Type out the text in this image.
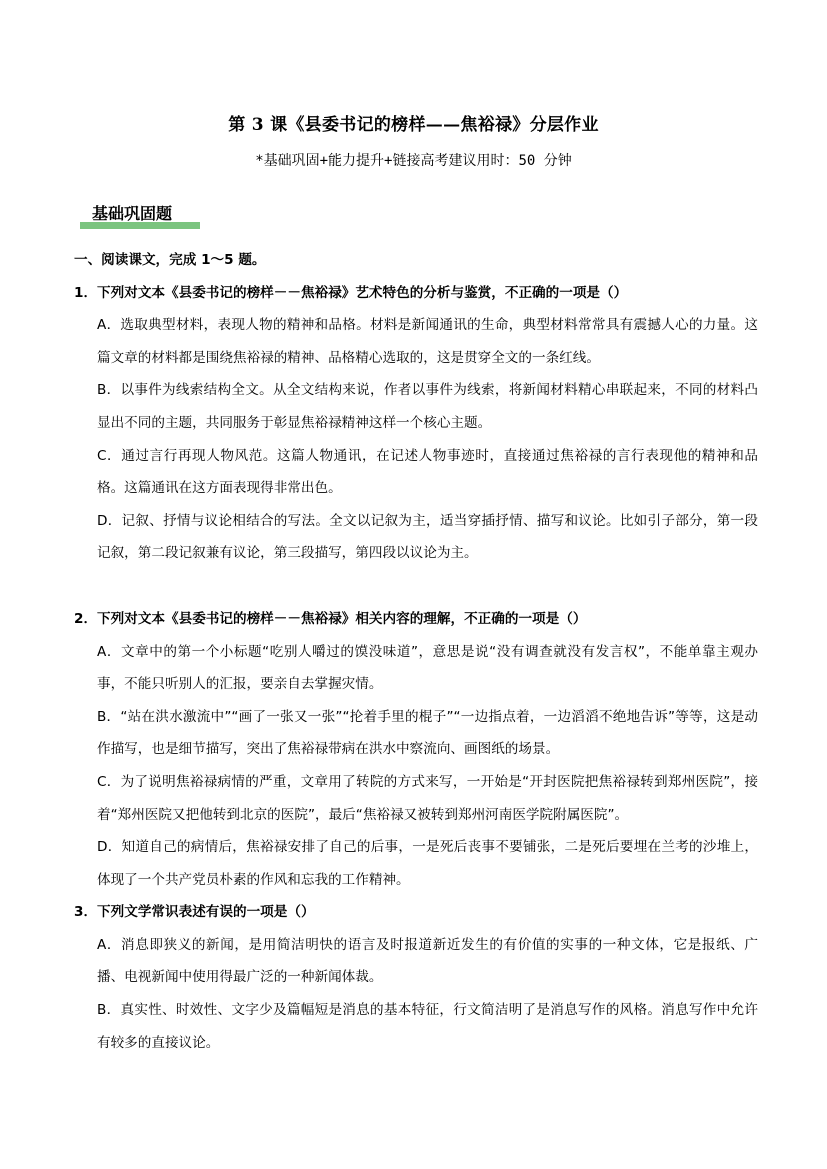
第 3 课《县委书记的榜样——焦裕禄》分层作业
*基础巩固+能力提升+链接高考建议用时：50 分钟
基础巩固题
一、阅读课文，完成 1～5 题。
1．下列对文本《县委书记的榜样－－焦裕禄》艺术特色的分析与鉴赏，不正确的一项是（）
A．选取典型材料，表现人物的精神和品格。材料是新闻通讯的生命，典型材料常常具有震撼人心的力量。这篇文章的材料都是围绕焦裕禄的精神、品格精心选取的，这是贯穿全文的一条红线。
B．以事件为线索结构全文。从全文结构来说，作者以事件为线索，将新闻材料精心串联起来，不同的材料凸显出不同的主题，共同服务于彰显焦裕禄精神这样一个核心主题。
C．通过言行再现人物风范。这篇人物通讯，在记述人物事迹时，直接通过焦裕禄的言行表现他的精神和品格。这篇通讯在这方面表现得非常出色。
D．记叙、抒情与议论相结合的写法。全文以记叙为主，适当穿插抒情、描写和议论。比如引子部分，第一段记叙，第二段记叙兼有议论，第三段描写，第四段以议论为主。
2．下列对文本《县委书记的榜样－－焦裕禄》相关内容的理解，不正确的一项是（）
A．文章中的第一个小标题“吃别人嚼过的馍没味道”，意思是说“没有调查就没有发言权”，不能单靠主观办事，不能只听别人的汇报，要亲自去掌握灾情。
B．“站在洪水激流中”“画了一张又一张”“抡着手里的棍子”“一边指点着，一边滔滔不绝地告诉”等等，这是动作描写，也是细节描写，突出了焦裕禄带病在洪水中察流向、画图纸的场景。
C．为了说明焦裕禄病情的严重，文章用了转院的方式来写，一开始是“开封医院把焦裕禄转到郑州医院”，接着“郑州医院又把他转到北京的医院”，最后“焦裕禄又被转到郑州河南医学院附属医院”。
D．知道自己的病情后，焦裕禄安排了自己的后事，一是死后丧事不要铺张，二是死后要埋在兰考的沙堆上，体现了一个共产党员朴素的作风和忘我的工作精神。
3．下列文学常识表述有误的一项是（）
A．消息即狭义的新闻，是用简洁明快的语言及时报道新近发生的有价值的实事的一种文体，它是报纸、广播、电视新闻中使用得最广泛的一种新闻体裁。
B．真实性、时效性、文字少及篇幅短是消息的基本特征，行文简洁明了是消息写作的风格。消息写作中允许有较多的直接议论。
